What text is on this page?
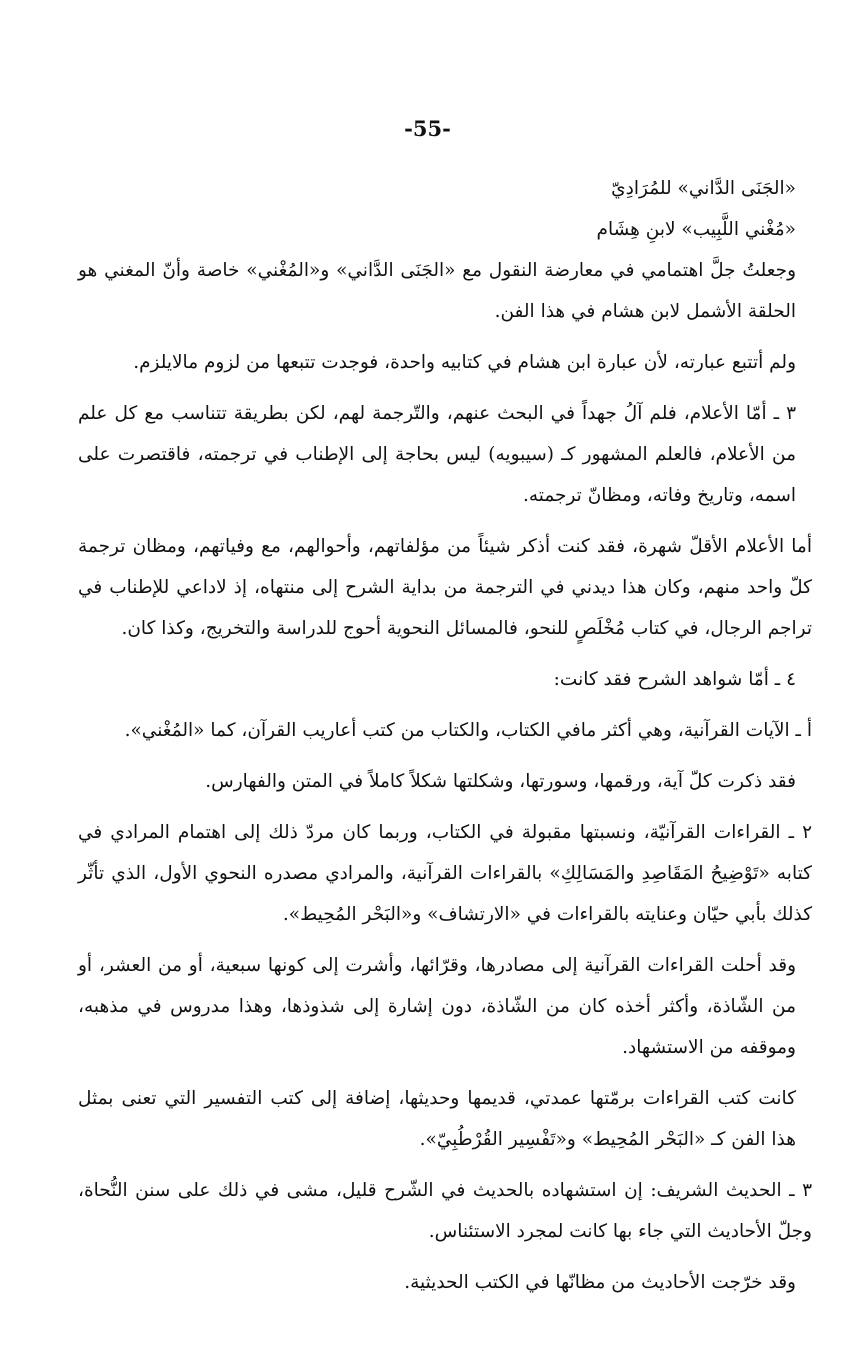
-55-

«الجَنَى الدَّاني» للمُرَادِيّ

«مُغْني اللَّبِيب» لابنِ هِشَام

وجعلتُ جلَّ اهتمامي في معارضة النقول مع «الجَنَى الدَّاني» و«المُغْني» خاصة وأنّ المغني هو الحلقة الأشمل لابن هشام في هذا الفن.

ولم أتتبع عبارته، لأن عبارة ابن هشام في كتابيه واحدة، فوجدت تتبعها من لزوم مالايلزم.

٣ ـ أمّا الأعلام، فلم آلُ جهداً في البحث عنهم، والتّرجمة لهم، لكن بطريقة تتناسب مع كل علم من الأعلام، فالعلم المشهور كـ (سيبويه) ليس بحاجة إلى الإطناب في ترجمته، فاقتصرت على اسمه، وتاريخ وفاته، ومظانّ ترجمته.

أما الأعلام الأقلّ شهرة، فقد كنت أذكر شيئاً من مؤلفاتهم، وأحوالهم، مع وفياتهم، ومظان ترجمة كلّ واحد منهم، وكان هذا ديدني في الترجمة من بداية الشرح إلى منتهاه، إذ لاداعي للإطناب في تراجم الرجال، في كتاب مُخْلَصٍ للنحو، فالمسائل النحوية أحوج للدراسة والتخريج، وكذا كان.

٤ ـ أمّا شواهد الشرح فقد كانت:

أ ـ الآيات القرآنية، وهي أكثر مافي الكتاب، والكتاب من كتب أعاريب القرآن، كما «المُغْني».

فقد ذكرت كلّ آية، ورقمها، وسورتها، وشكلتها شكلاً كاملاً في المتن والفهارس.

٢ ـ القراءات القرآنيّة، ونسبتها مقبولة في الكتاب، وربما كان مردّ ذلك إلى اهتمام المرادي في كتابه «تَوْضِيحُ المَقَاصِدِ والمَسَالِكِ» بالقراءات القرآنية، والمرادي مصدره النحوي الأول، الذي تأثّر كذلك بأبي حيّان وعنايته بالقراءات في «الارتشاف» و«البَحْر المُحِيط».

وقد أحلت القراءات القرآنية إلى مصادرها، وقرّائها، وأشرت إلى كونها سبعية، أو من العشر، أو من الشّاذة، وأكثر أخذه كان من الشّاذة، دون إشارة إلى شذوذها، وهذا مدروس في مذهبه، وموقفه من الاستشهاد.

كانت كتب القراءات برمّتها عمدتي، قديمها وحديثها، إضافة إلى كتب التفسير التي تعنى بمثل هذا الفن كـ «البَحْر المُحِيط» و«تَفْسِير القُرْطُبِيّ».

٣ ـ الحديث الشريف: إن استشهاده بالحديث في الشّرح قليل، مشى في ذلك على سنن النُّحاة، وجلّ الأحاديث التي جاء بها كانت لمجرد الاستئناس.

وقد خرّجت الأحاديث من مظانّها في الكتب الحديثية.
